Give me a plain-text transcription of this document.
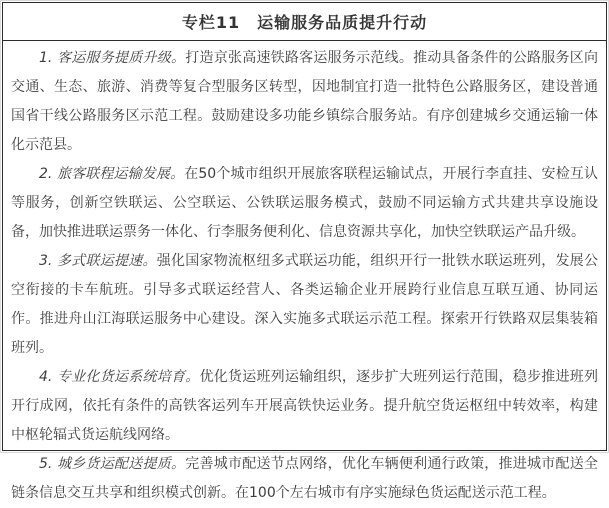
专栏11　运输服务品质提升行动

1. 客运服务提质升级。打造京张高速铁路客运服务示范线。推动具备条件的公路服务区向交通、生态、旅游、消费等复合型服务区转型，因地制宜打造一批特色公路服务区，建设普通国省干线公路服务区示范工程。鼓励建设多功能乡镇综合服务站。有序创建城乡交通运输一体化示范县。

2. 旅客联程运输发展。在50个城市组织开展旅客联程运输试点，开展行李直挂、安检互认等服务，创新空铁联运、公空联运、公铁联运服务模式，鼓励不同运输方式共建共享设施设备，加快推进联运票务一体化、行李服务便利化、信息资源共享化，加快空铁联运产品升级。

3. 多式联运提速。强化国家物流枢纽多式联运功能，组织开行一批铁水联运班列，发展公空衔接的卡车航班。引导多式联运经营人、各类运输企业开展跨行业信息互联互通、协同运作。推进舟山江海联运服务中心建设。深入实施多式联运示范工程。探索开行铁路双层集装箱班列。

4. 专业化货运系统培育。优化货运班列运输组织，逐步扩大班列运行范围，稳步推进班列开行成网，依托有条件的高铁客运列车开展高铁快运业务。提升航空货运枢纽中转效率，构建中枢轮辐式货运航线网络。

5. 城乡货运配送提质。完善城市配送节点网络，优化车辆便利通行政策，推进城市配送全链条信息交互共享和组织模式创新。在100个左右城市有序实施绿色货运配送示范工程。
